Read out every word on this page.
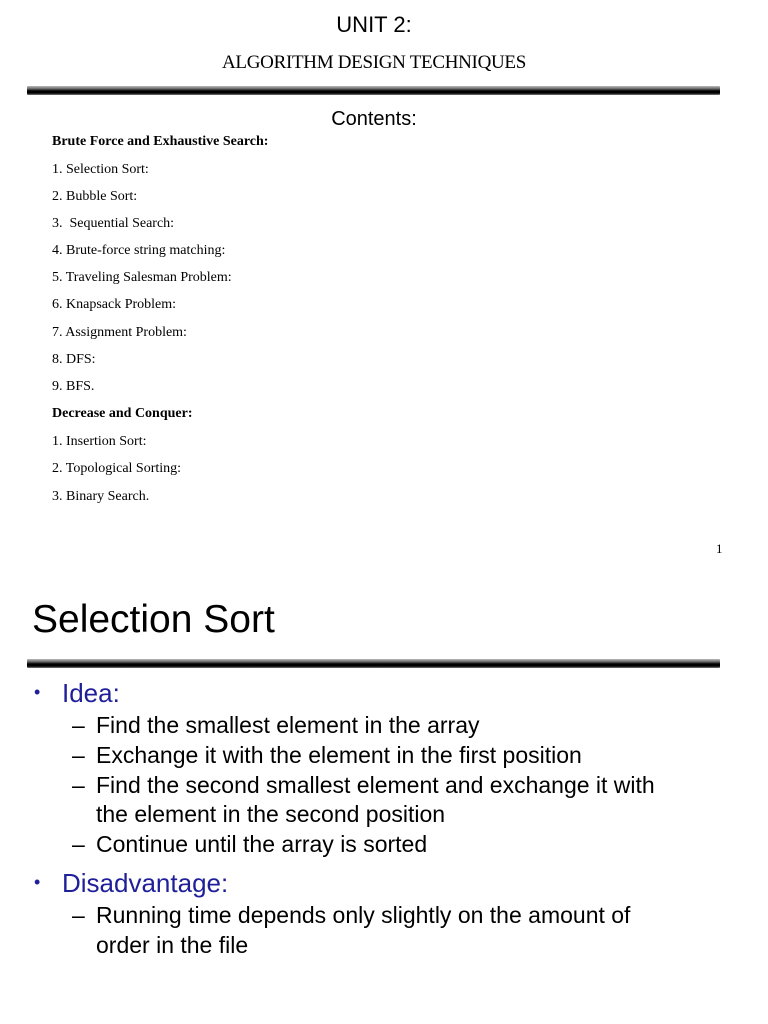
UNIT 2:
ALGORITHM DESIGN TECHNIQUES
Contents:
Brute Force and Exhaustive Search:
1. Selection Sort:
2. Bubble Sort:
3.  Sequential Search:
4. Brute-force string matching:
5. Traveling Salesman Problem:
6. Knapsack Problem:
7. Assignment Problem:
8. DFS:
9. BFS.
Decrease and Conquer:
1. Insertion Sort:
2. Topological Sorting:
3. Binary Search.
1
Selection Sort
• Idea:
– Find the smallest element in the array
– Exchange it with the element in the first position
– Find the second smallest element and exchange it with
the element in the second position
– Continue until the array is sorted
• Disadvantage:
– Running time depends only slightly on the amount of
order in the file
